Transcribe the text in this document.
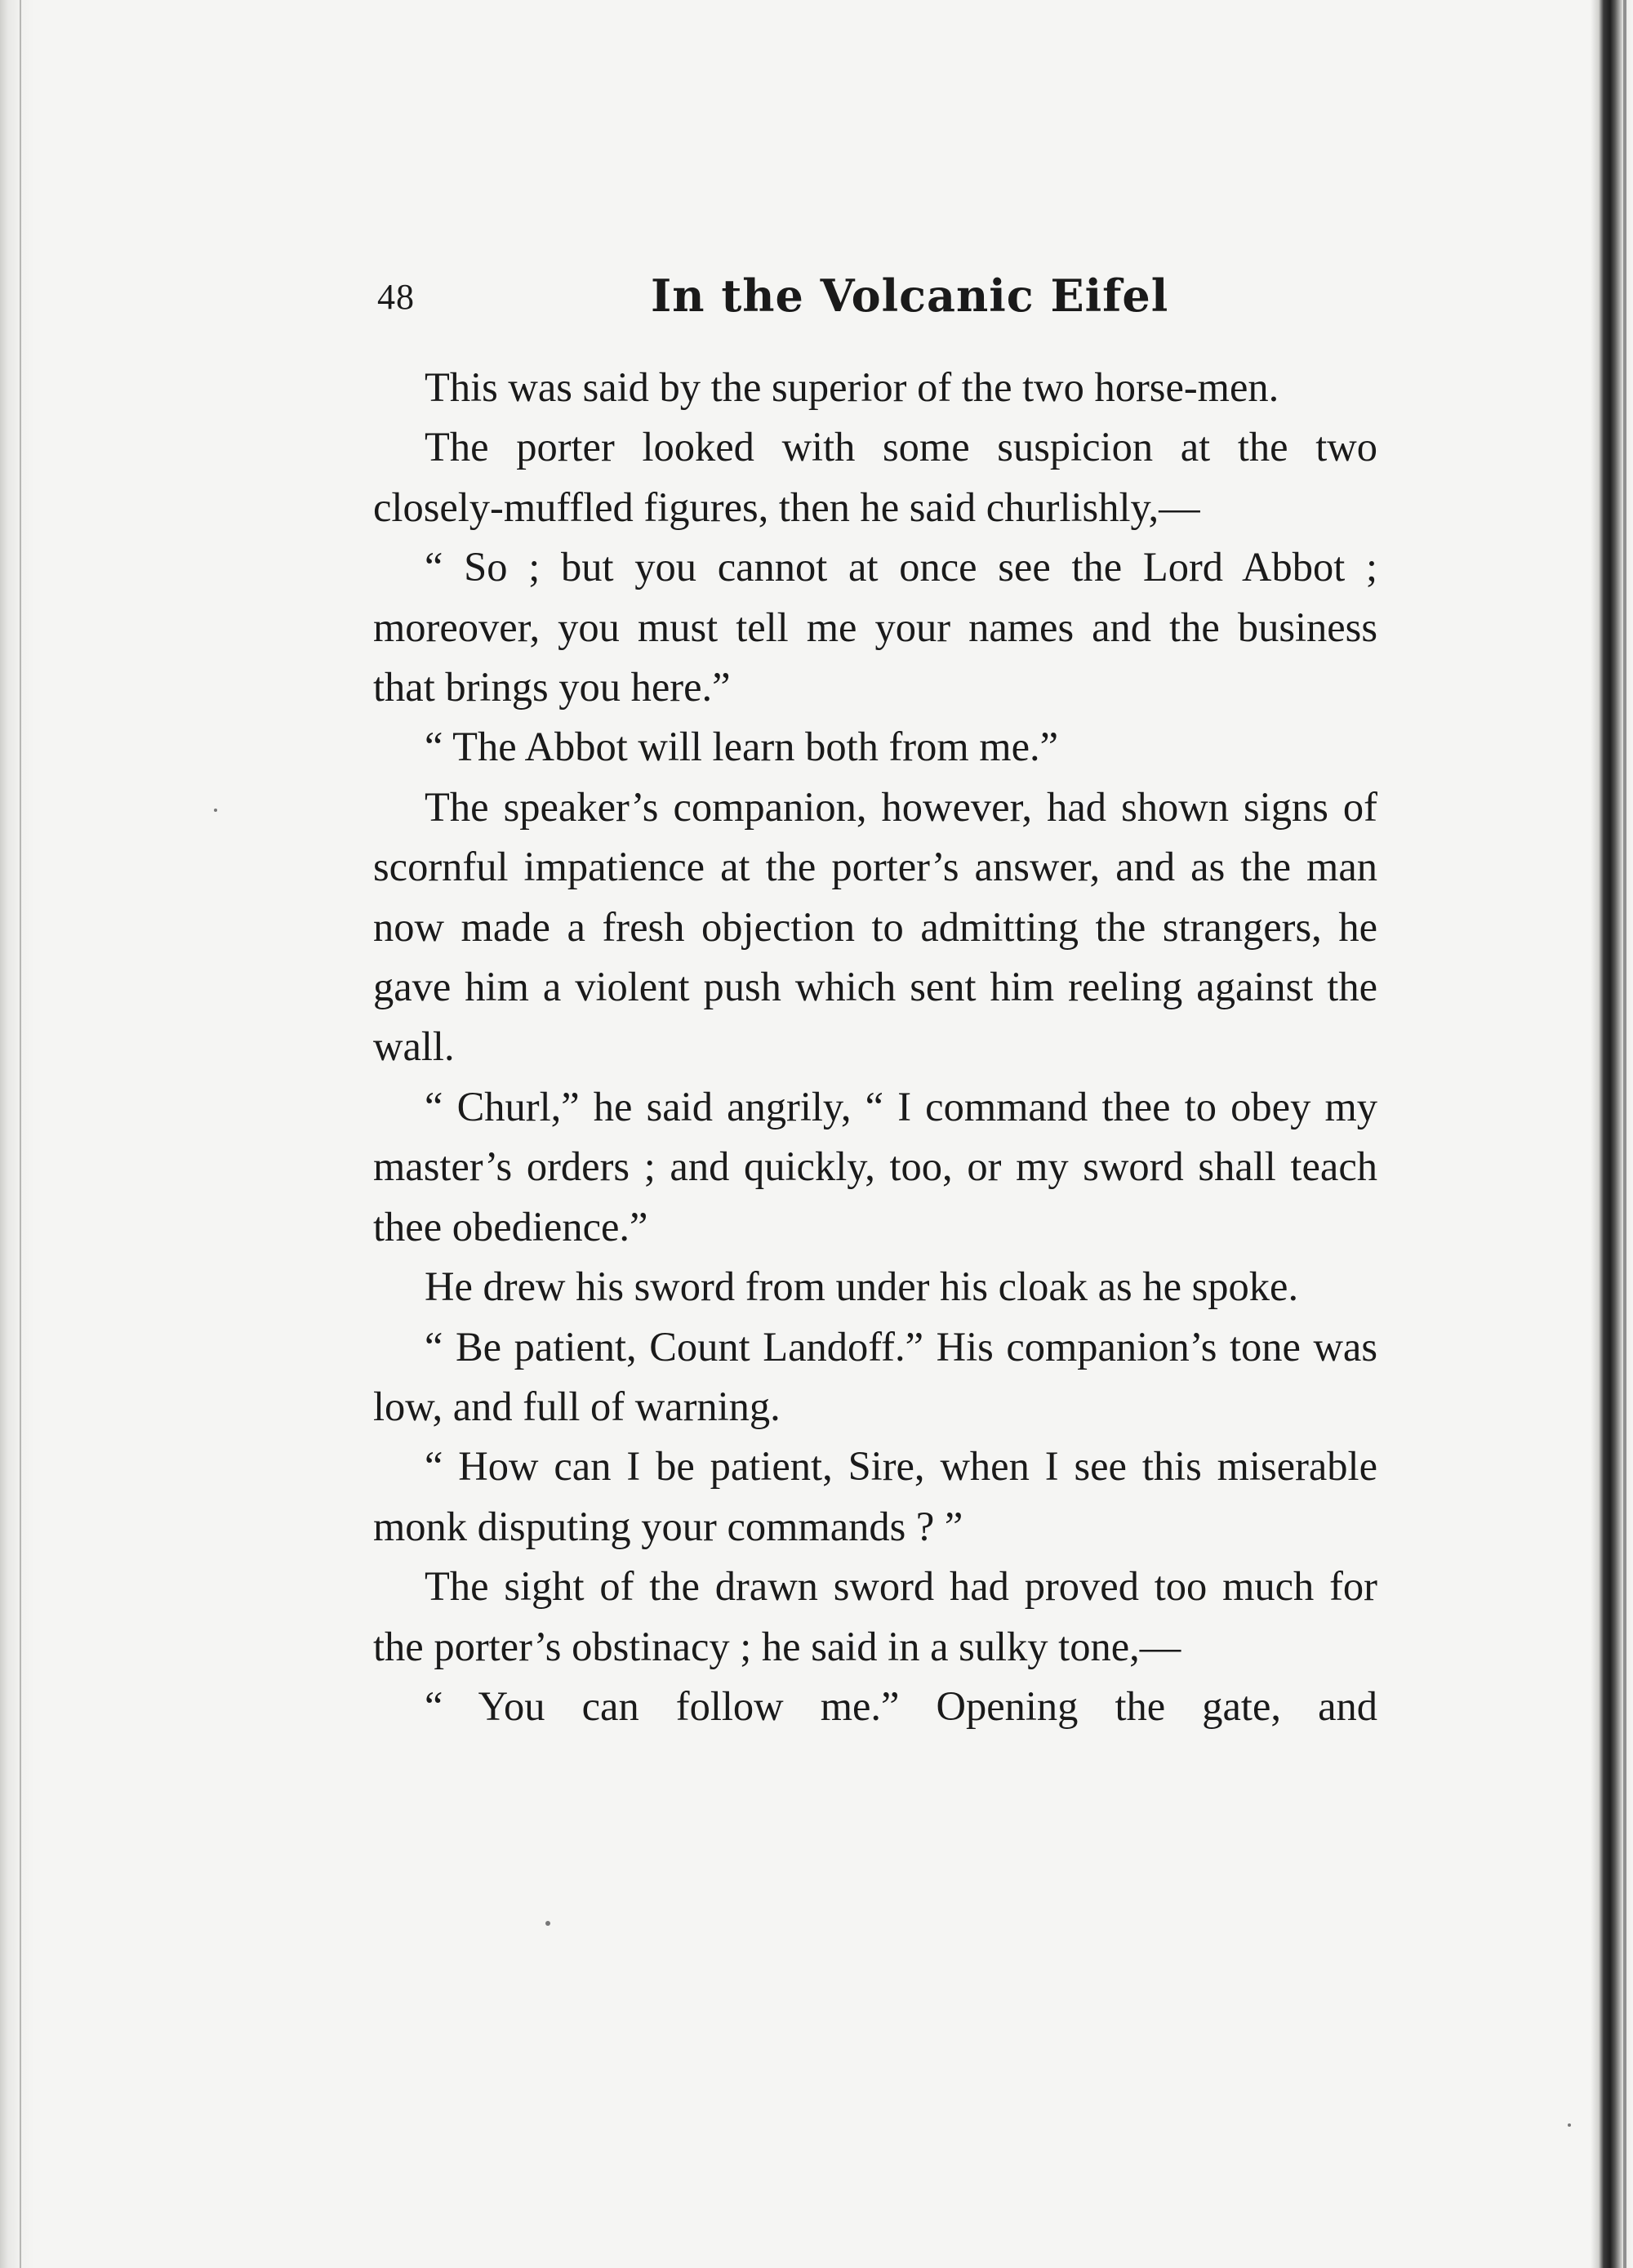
48	In the Volcanic Eifel

This was said by the superior of the two horse-men.

The porter looked with some suspicion at the two closely-muffled figures, then he said churlishly,—

“ So ; but you cannot at once see the Lord Abbot ; moreover, you must tell me your names and the business that brings you here.”

“ The Abbot will learn both from me.”

The speaker’s companion, however, had shown signs of scornful impatience at the porter’s answer, and as the man now made a fresh objection to admitting the strangers, he gave him a violent push which sent him reeling against the wall.

“ Churl,” he said angrily, “ I command thee to obey my master’s orders ; and quickly, too, or my sword shall teach thee obedience.”

He drew his sword from under his cloak as he spoke.

“ Be patient, Count Landoff.” His companion’s tone was low, and full of warning.

“ How can I be patient, Sire, when I see this miserable monk disputing your commands ? ”

The sight of the drawn sword had proved too much for the porter’s obstinacy ; he said in a sulky tone,—

“ You can follow me.” Opening the gate, and
